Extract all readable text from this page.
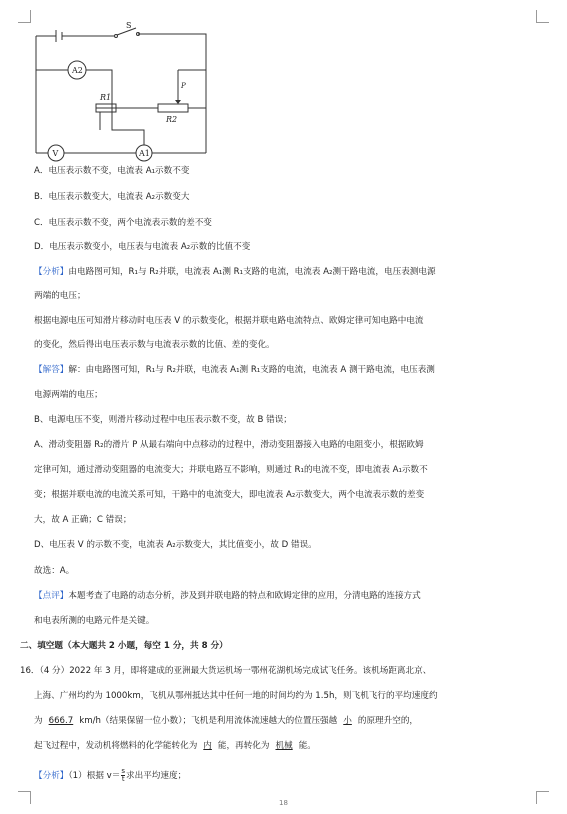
A2
V	A1
S
R1
R2
P
A．电压表示数不变，电流表 A₁示数不变
B．电压表示数变大，电流表 A₂示数变大
C．电压表示数不变，两个电流表示数的差不变
D．电压表示数变小，电压表与电流表 A₂示数的比值不变
【分析】由电路图可知，R₁与 R₂并联，电流表 A₁测 R₁支路的电流，电流表 A₂测干路电流，电压表测电源
两端的电压；
根据电源电压可知滑片移动时电压表 V 的示数变化，根据并联电路电流特点、欧姆定律可知电路中电流
的变化，然后得出电压表示数与电流表示数的比值、差的变化。
【解答】解：由电路图可知，R₁与 R₂并联，电流表 A₁测 R₁支路的电流，电流表 A 测干路电流，电压表测
电源两端的电压；
B、电源电压不变，则滑片移动过程中电压表示数不变，故 B 错误；
A、滑动变阻器 R₂的滑片 P 从最右端向中点移动的过程中，滑动变阻器接入电路的电阻变小，根据欧姆
定律可知，通过滑动变阻器的电流变大；并联电路互不影响，则通过 R₁的电流不变，即电流表 A₁示数不
变；根据并联电流的电流关系可知，干路中的电流变大，即电流表 A₂示数变大，两个电流表示数的差变
大，故 A 正确；C 错误；
D、电压表 V 的示数不变，电流表 A₂示数变大，其比值变小，故 D 错误。
故选：A。
【点评】本题考查了电路的动态分析，涉及到并联电路的特点和欧姆定律的应用，分清电路的连接方式
和电表所测的电路元件是关键。
二、填空题（本大题共 2 小题，每空 1 分，共 8 分）
16．（4 分）2022 年 3 月，即将建成的亚洲最大货运机场一鄂州花湖机场完成试飞任务。该机场距离北京、
上海、广州均约为 1000km，飞机从鄂州抵达其中任何一地的时间均约为 1.5h，则飞机飞行的平均速度约
为 666.7 km/h（结果保留一位小数）；飞机是利用流体流速越大的位置压强越 小 的原理升空的，
起飞过程中，发动机将燃料的化学能转化为 内 能，再转化为 机械 能。
【分析】（1）根据 $v= \frac{s}{t}$ 求出平均速度；
18
